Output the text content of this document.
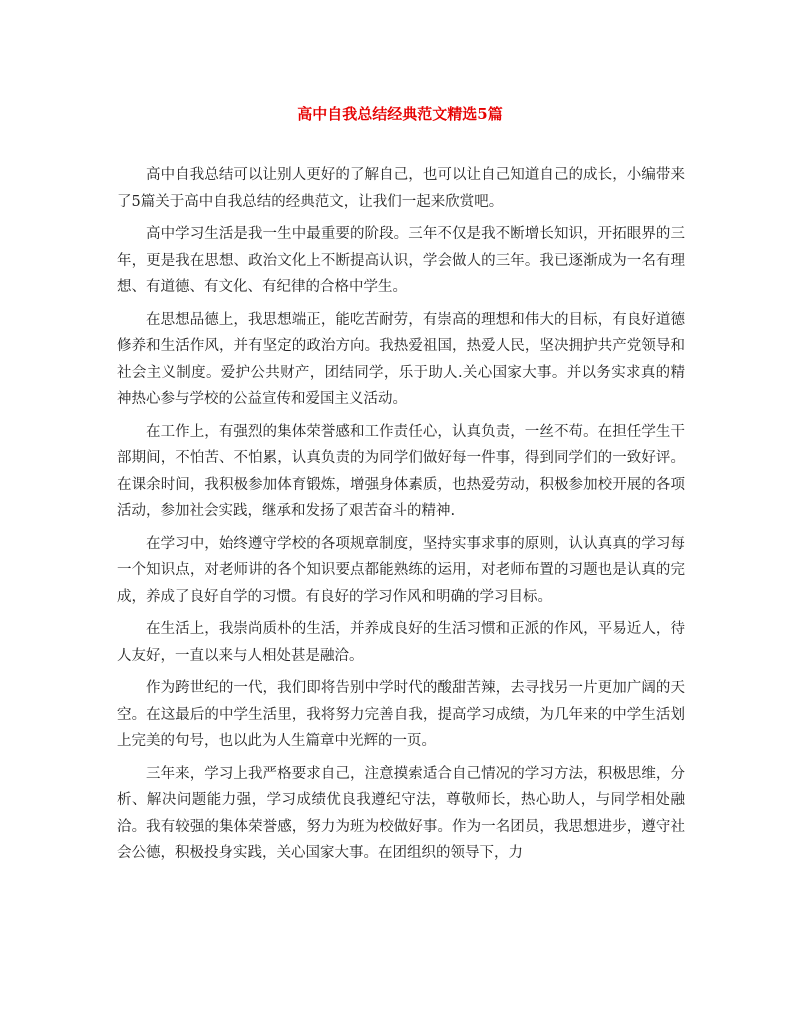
高中自我总结经典范文精选5篇

高中自我总结可以让别人更好的了解自己，也可以让自己知道自己的成长，小编带来了5篇关于高中自我总结的经典范文，让我们一起来欣赏吧。

高中学习生活是我一生中最重要的阶段。三年不仅是我不断增长知识，开拓眼界的三年，更是我在思想、政治文化上不断提高认识，学会做人的三年。我已逐渐成为一名有理想、有道德、有文化、有纪律的合格中学生。

在思想品德上，我思想端正，能吃苦耐劳，有崇高的理想和伟大的目标，有良好道德修养和生活作风，并有坚定的政治方向。我热爱祖国，热爱人民，坚决拥护共产党领导和社会主义制度。爱护公共财产，团结同学，乐于助人.关心国家大事。并以务实求真的精神热心参与学校的公益宣传和爱国主义活动。

在工作上，有强烈的集体荣誉感和工作责任心，认真负责，一丝不苟。在担任学生干部期间，不怕苦、不怕累，认真负责的为同学们做好每一件事，得到同学们的一致好评。在课余时间，我积极参加体育锻炼，增强身体素质，也热爱劳动，积极参加校开展的各项活动，参加社会实践，继承和发扬了艰苦奋斗的精神.

在学习中，始终遵守学校的各项规章制度，坚持实事求事的原则，认认真真的学习每一个知识点，对老师讲的各个知识要点都能熟练的运用，对老师布置的习题也是认真的完成，养成了良好自学的习惯。有良好的学习作风和明确的学习目标。

在生活上，我崇尚质朴的生活，并养成良好的生活习惯和正派的作风，平易近人，待人友好，一直以来与人相处甚是融洽。

作为跨世纪的一代，我们即将告别中学时代的酸甜苦辣，去寻找另一片更加广阔的天空。在这最后的中学生活里，我将努力完善自我，提高学习成绩，为几年来的中学生活划上完美的句号，也以此为人生篇章中光辉的一页。

三年来，学习上我严格要求自己，注意摸索适合自己情况的学习方法，积极思维，分析、解决问题能力强，学习成绩优良我遵纪守法，尊敬师长，热心助人，与同学相处融洽。我有较强的集体荣誉感，努力为班为校做好事。作为一名团员，我思想进步，遵守社会公德，积极投身实践，关心国家大事。在团组织的领导下，力
